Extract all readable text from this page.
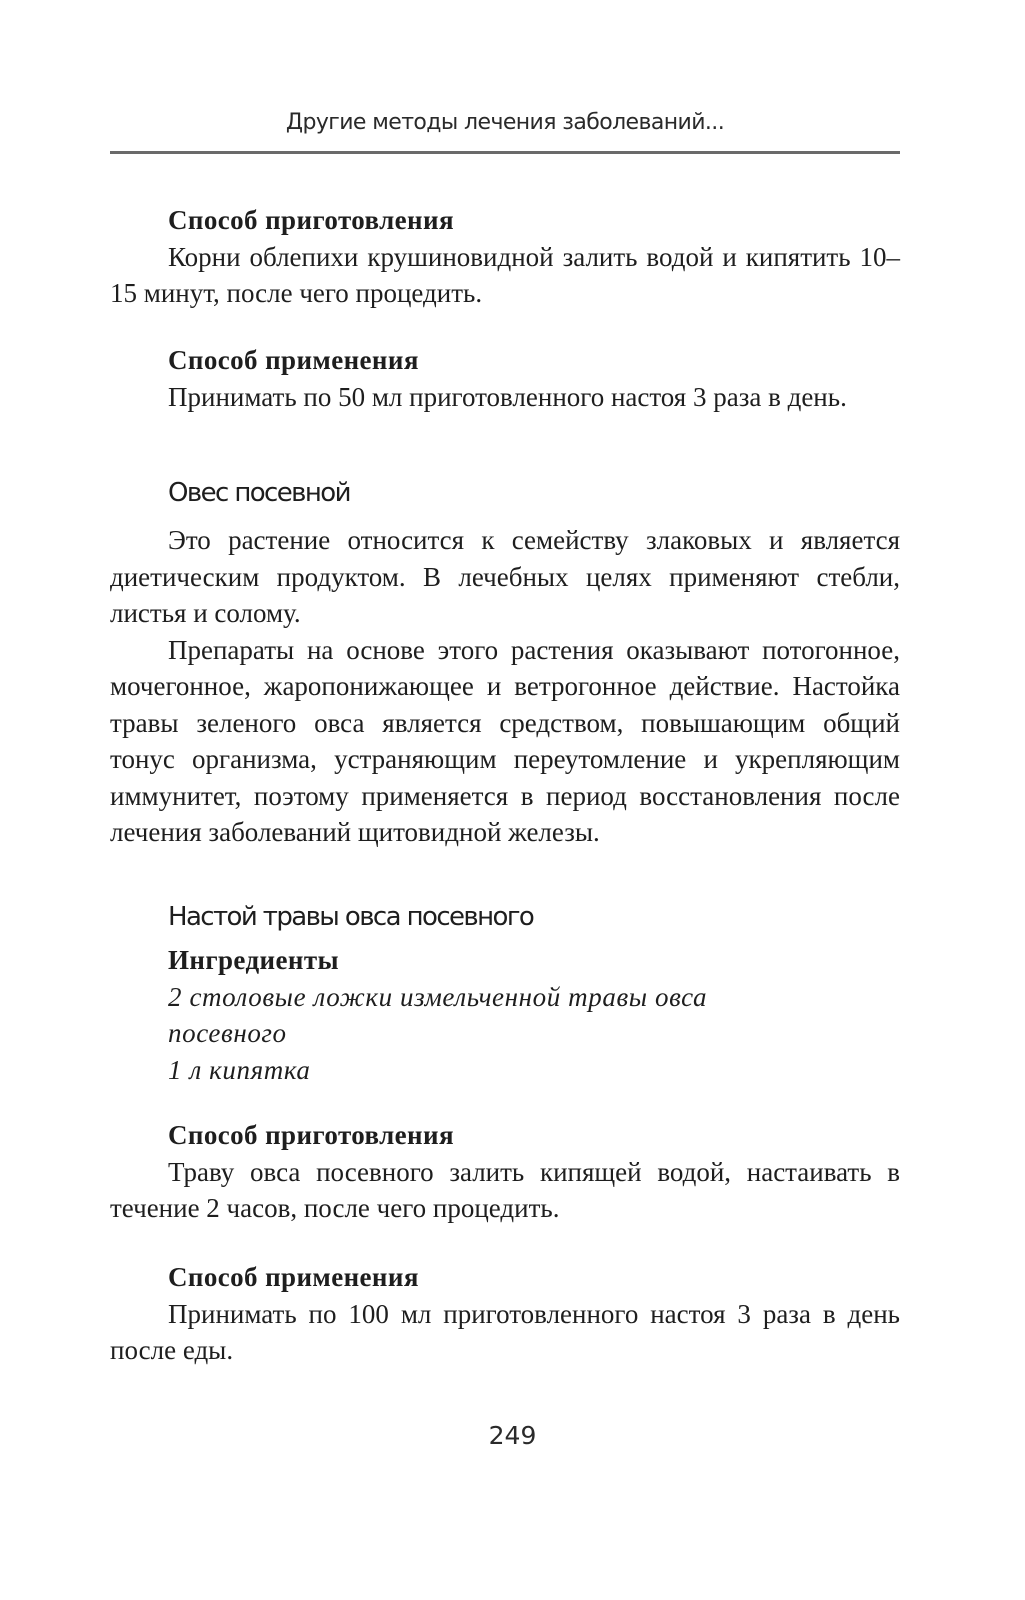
Другие методы лечения заболеваний...
Способ приготовления

Корни облепихи крушиновидной залить водой и кипятить 10–15 минут, после чего процедить.

Способ применения

Принимать по 50 мл приготовленного настоя 3 раза в день.

Овес посевной

Это растение относится к семейству злаковых и является диетическим продуктом. В лечебных целях применяют стебли, листья и солому.

Препараты на основе этого растения оказывают потогонное, мочегонное, жаропонижающее и ветрогонное действие. Настойка травы зеленого овса является средством, повышающим общий тонус организма, устраняющим переутомление и укрепляющим иммунитет, поэтому применяется в период восстановления после лечения заболеваний щитовидной железы.

Настой травы овса посевного
Ингредиенты
2 столовые ложки измельченной травы овса
посевного
1 л кипятка
Способ приготовления

Траву овса посевного залить кипящей водой, настаивать в течение 2 часов, после чего процедить.

Способ применения

Принимать по 100 мл приготовленного настоя 3 раза в день после еды.

249
